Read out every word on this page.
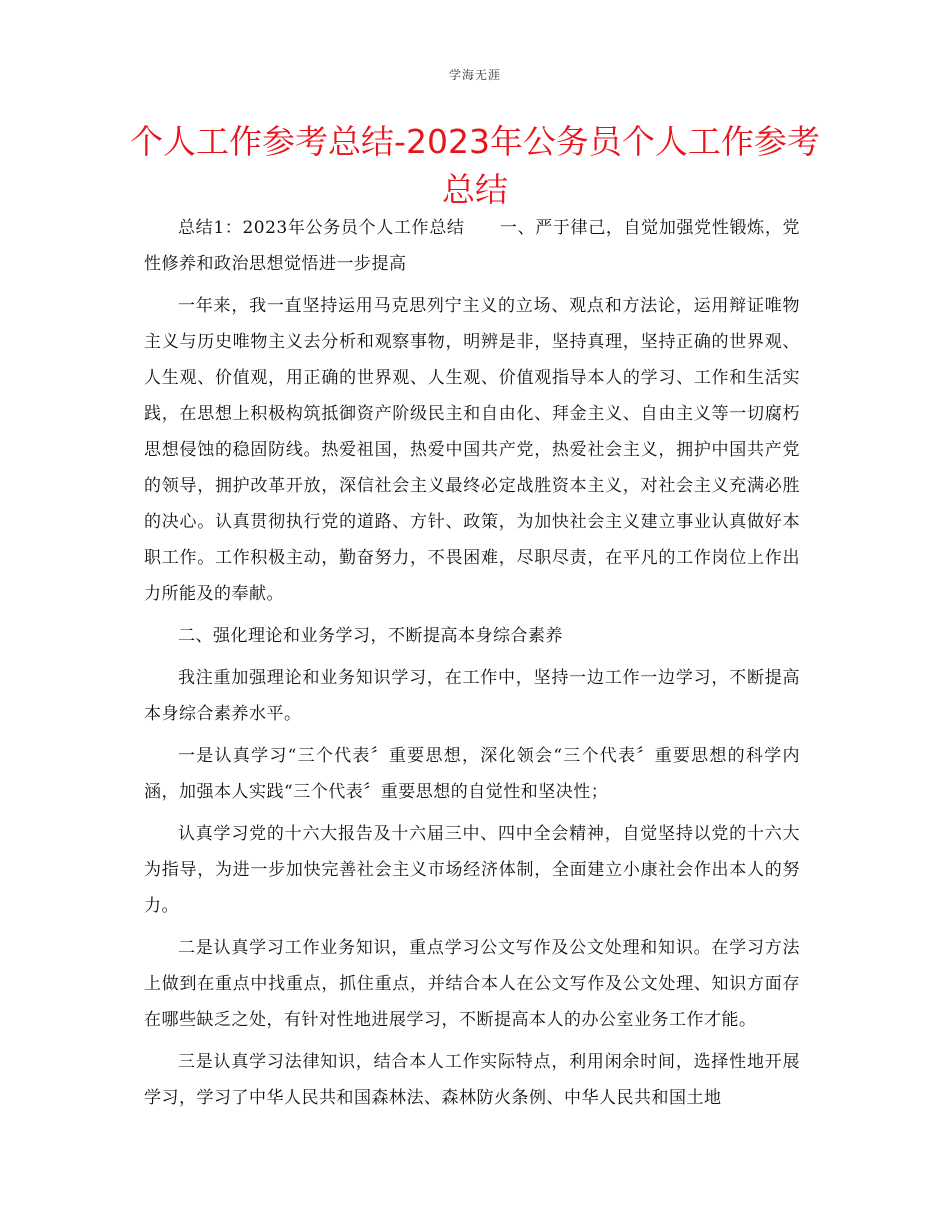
学海无涯
个人工作参考总结-2023年公务员个人工作参考总结

总结1：2023年公务员个人工作总结　　一、严于律己，自觉加强党性锻炼，党性修养和政治思想觉悟进一步提高

一年来，我一直坚持运用马克思列宁主义的立场、观点和方法论，运用辩证唯物主义与历史唯物主义去分析和观察事物，明辨是非，坚持真理，坚持正确的世界观、人生观、价值观，用正确的世界观、人生观、价值观指导本人的学习、工作和生活实践，在思想上积极构筑抵御资产阶级民主和自由化、拜金主义、自由主义等一切腐朽思想侵蚀的稳固防线。热爱祖国，热爱中国共产党，热爱社会主义，拥护中国共产党的领导，拥护改革开放，深信社会主义最终必定战胜资本主义，对社会主义充满必胜的决心。认真贯彻执行党的道路、方针、政策，为加快社会主义建立事业认真做好本职工作。工作积极主动，勤奋努力，不畏困难，尽职尽责，在平凡的工作岗位上作出力所能及的奉献。

二、强化理论和业务学习，不断提高本身综合素养

我注重加强理论和业务知识学习，在工作中，坚持一边工作一边学习，不断提高本身综合素养水平。

一是认真学习“三个代表〞重要思想，深化领会“三个代表〞重要思想的科学内涵，加强本人实践“三个代表〞重要思想的自觉性和坚决性；

认真学习党的十六大报告及十六届三中、四中全会精神，自觉坚持以党的十六大为指导，为进一步加快完善社会主义市场经济体制，全面建立小康社会作出本人的努力。

二是认真学习工作业务知识，重点学习公文写作及公文处理和知识。在学习方法上做到在重点中找重点，抓住重点，并结合本人在公文写作及公文处理、知识方面存在哪些缺乏之处，有针对性地进展学习，不断提高本人的办公室业务工作才能。

三是认真学习法律知识，结合本人工作实际特点，利用闲余时间，选择性地开展学习，学习了中华人民共和国森林法、森林防火条例、中华人民共和国土地
